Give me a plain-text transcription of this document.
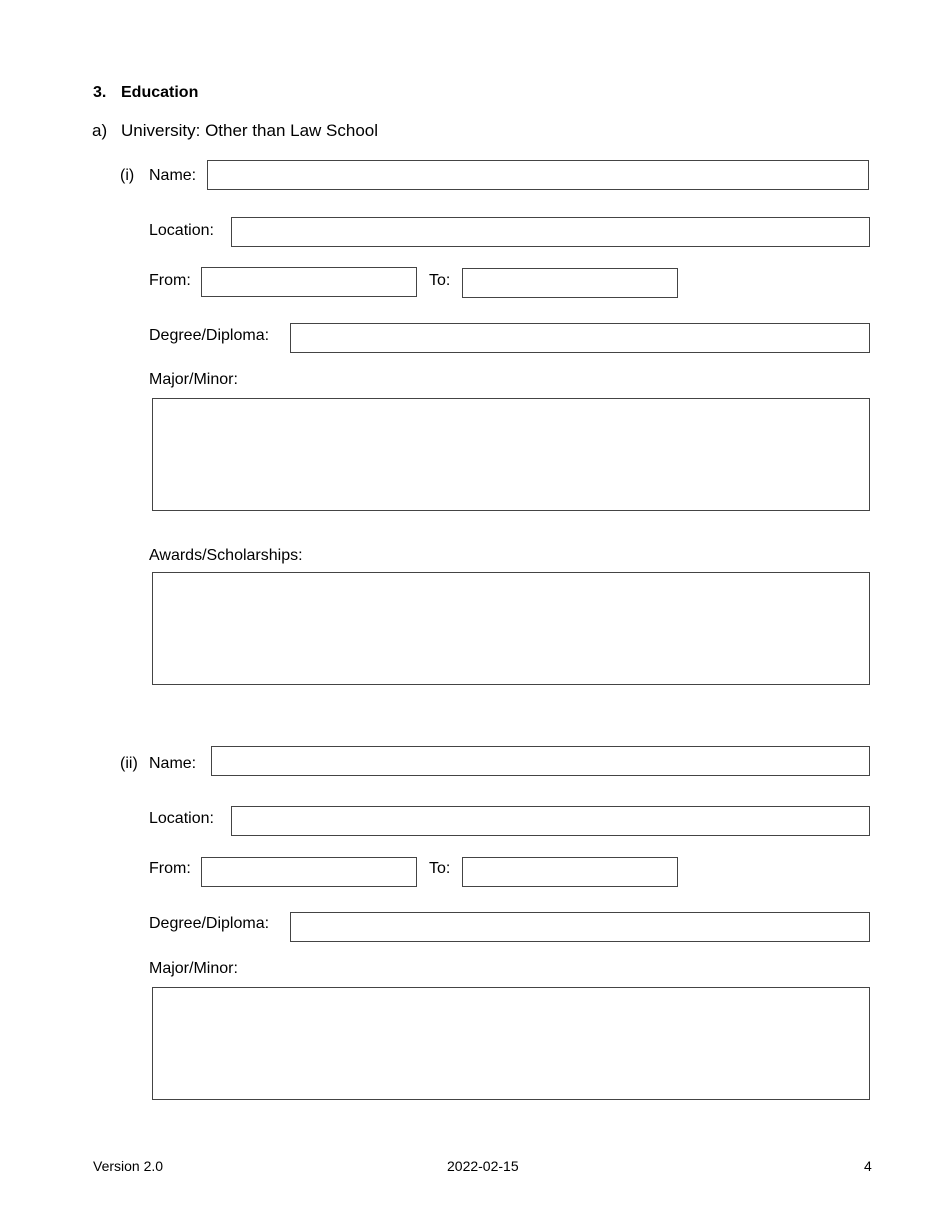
3. Education
a) University: Other than Law School
(i) Name:
Location:
From:	To:
Degree/Diploma:
Major/Minor:
Awards/Scholarships:
(ii) Name:
Location:
From:	To:
Degree/Diploma:
Major/Minor:
Version 2.0	2022-02-15	4
